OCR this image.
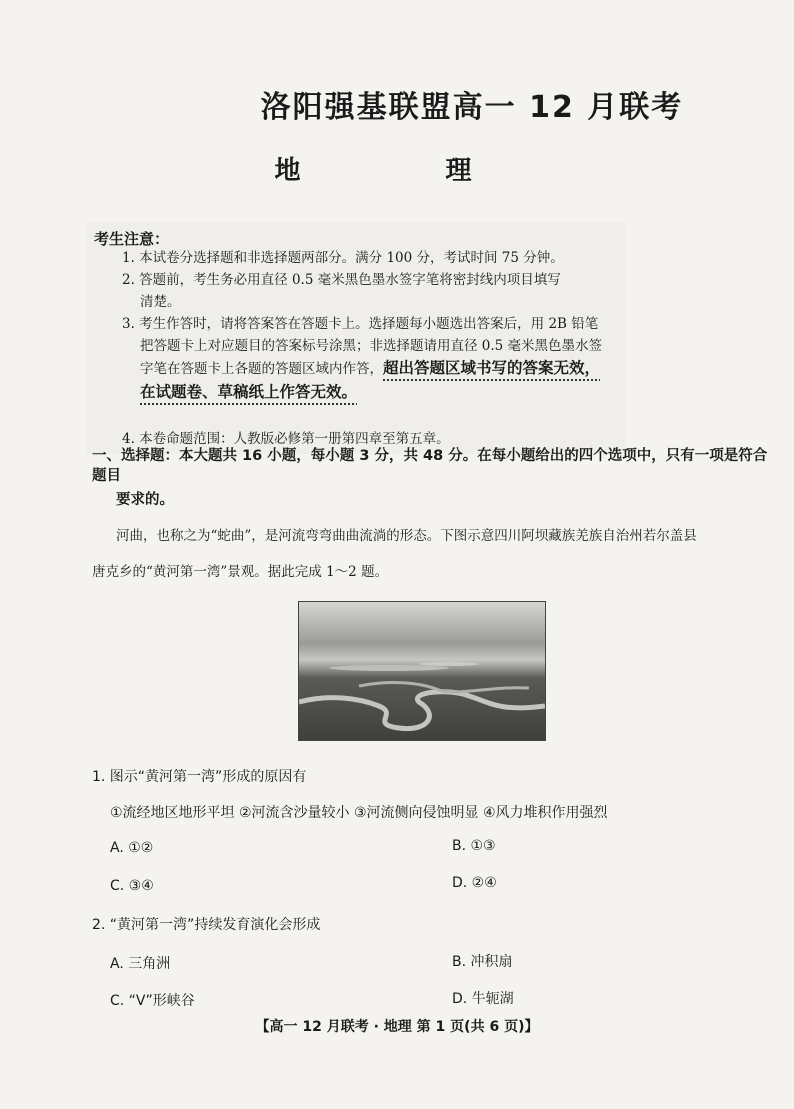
洛阳强基联盟高一 12 月联考
地 理
考生注意：
1. 本试卷分选择题和非选择题两部分。满分 100 分，考试时间 75 分钟。
2. 答题前，考生务必用直径 0.5 毫米黑色墨水签字笔将密封线内项目填写
清楚。
3. 考生作答时，请将答案答在答题卡上。选择题每小题选出答案后，用 2B 铅笔
把答题卡上对应题目的答案标号涂黑；非选择题请用直径 0.5 毫米黑色墨水签
字笔在答题卡上各题的答题区域内作答，超出答题区域书写的答案无效，
在试题卷、草稿纸上作答无效。
4. 本卷命题范围：人教版必修第一册第四章至第五章。
一、选择题：本大题共 16 小题，每小题 3 分，共 48 分。在每小题给出的四个选项中，只有一项是符合题目
要求的。
河曲，也称之为“蛇曲”，是河流弯弯曲曲流淌的形态。下图示意四川阿坝藏族羌族自治州若尔盖县
唐克乡的“黄河第一湾”景观。据此完成 1～2 题。
1. 图示“黄河第一湾”形成的原因有
①流经地区地形平坦 ②河流含沙量较小 ③河流侧向侵蚀明显 ④风力堆积作用强烈
A. ①②	B. ①③
C. ③④	D. ②④
2. “黄河第一湾”持续发育演化会形成
A. 三角洲	B. 冲积扇
C. “V”形峡谷	D. 牛轭湖
【高一 12 月联考 · 地理 第 1 页(共 6 页)】
